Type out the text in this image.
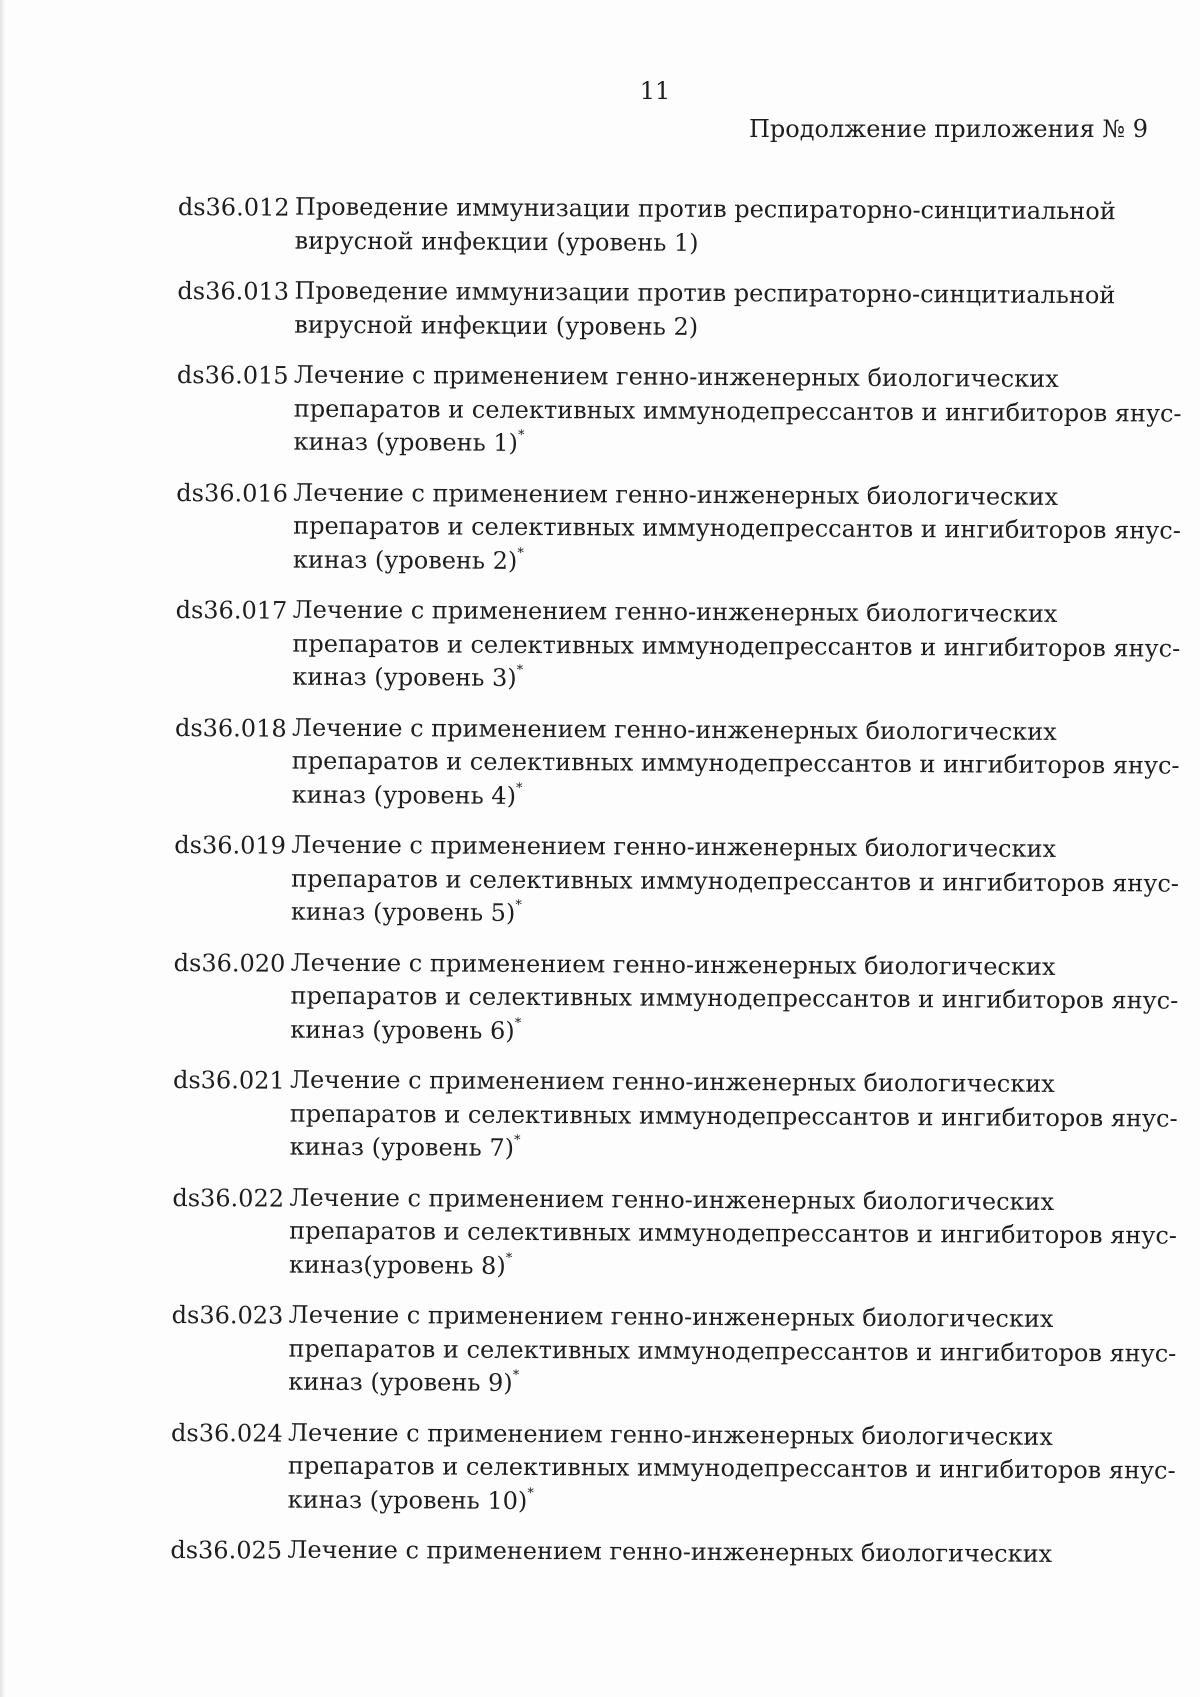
11
Продолжение приложения № 9
ds36.012 Проведение иммунизации против респираторно-синцитиальной
вирусной инфекции (уровень 1)
ds36.013 Проведение иммунизации против респираторно-синцитиальной
вирусной инфекции (уровень 2)
ds36.015 Лечение с применением генно-инженерных биологических
препаратов и селективных иммунодепрессантов и ингибиторов янус-
киназ (уровень 1)*
ds36.016 Лечение с применением генно-инженерных биологических
препаратов и селективных иммунодепрессантов и ингибиторов янус-
киназ (уровень 2)*
ds36.017 Лечение с применением генно-инженерных биологических
препаратов и селективных иммунодепрессантов и ингибиторов янус-
киназ (уровень 3)*
ds36.018 Лечение с применением генно-инженерных биологических
препаратов и селективных иммунодепрессантов и ингибиторов янус-
киназ (уровень 4)*
ds36.019 Лечение с применением генно-инженерных биологических
препаратов и селективных иммунодепрессантов и ингибиторов янус-
киназ (уровень 5)*
ds36.020 Лечение с применением генно-инженерных биологических
препаратов и селективных иммунодепрессантов и ингибиторов янус-
киназ (уровень 6)*
ds36.021 Лечение с применением генно-инженерных биологических
препаратов и селективных иммунодепрессантов и ингибиторов янус-
киназ (уровень 7)*
ds36.022 Лечение с применением генно-инженерных биологических
препаратов и селективных иммунодепрессантов и ингибиторов янус-
киназ(уровень 8)*
ds36.023 Лечение с применением генно-инженерных биологических
препаратов и селективных иммунодепрессантов и ингибиторов янус-
киназ (уровень 9)*
ds36.024 Лечение с применением генно-инженерных биологических
препаратов и селективных иммунодепрессантов и ингибиторов янус-
киназ (уровень 10)*
ds36.025 Лечение с применением генно-инженерных биологических
